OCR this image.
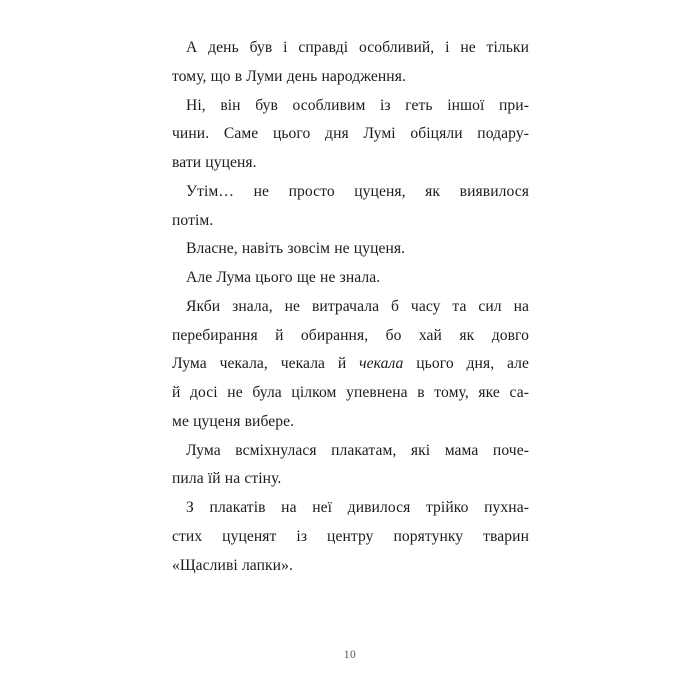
А день був і справді особливий, і не тільки
тому, що в Луми день народження.

Ні, він був особливим із геть іншої при-
чини. Саме цього дня Лумі обіцяли подару-
вати цуценя.

Утім… не просто цуценя, як виявилося
потім.

Власне, навіть зовсім не цуценя.

Але Лума цього ще не знала.

Якби знала, не витрачала б часу та сил на
перебирання й обирання, бо хай як довго
Лума чекала, чекала й чекала цього дня, але
й досі не була цілком упевнена в тому, яке са-
ме цуценя вибере.

Лума всміхнулася плакатам, які мама поче-
пила їй на стіну.

З плакатів на неї дивилося трійко пухна-
стих цуценят із центру порятунку тварин
«Щасливі лапки».

10
